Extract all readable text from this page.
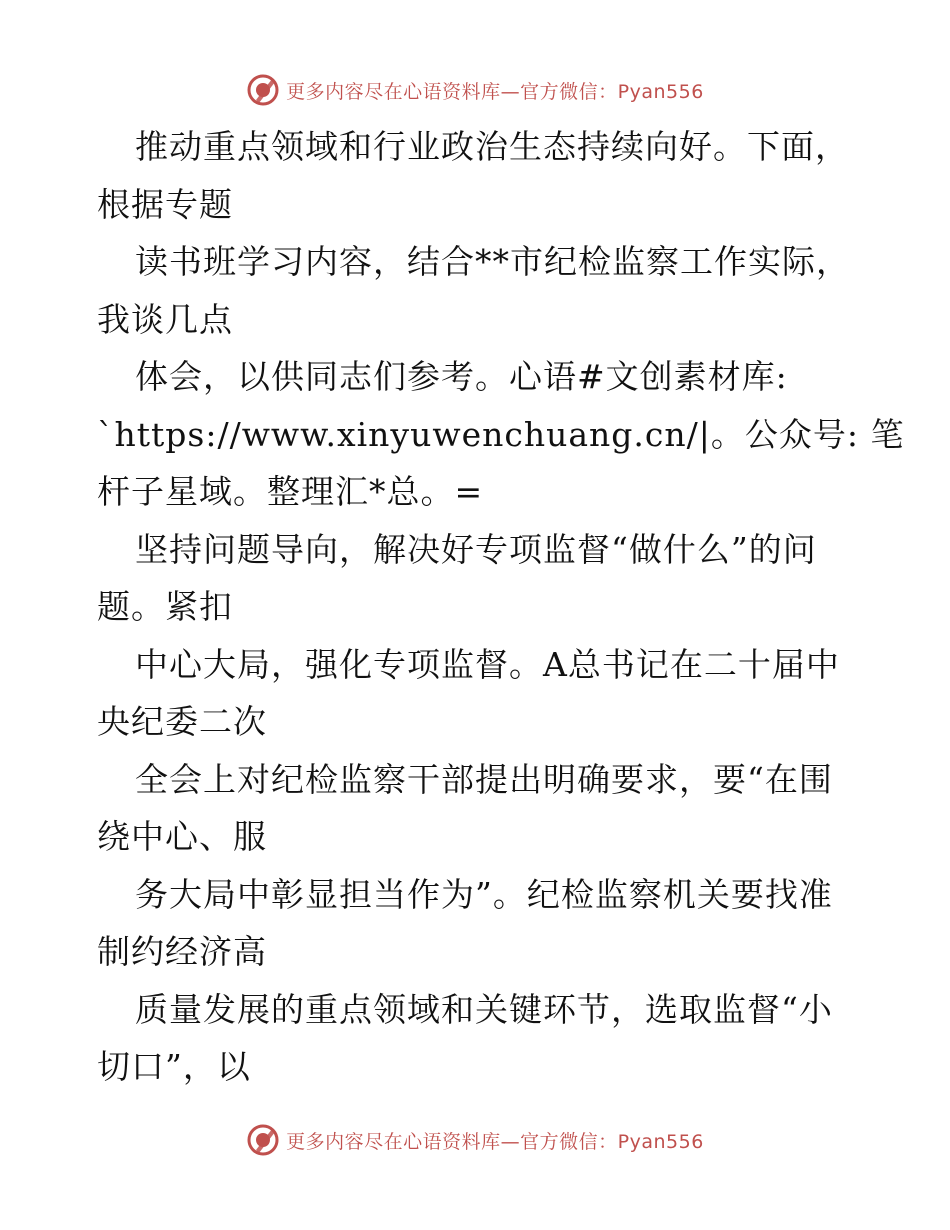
更多内容尽在心语资料库—官方微信：Pyan556
推动重点领域和行业政治生态持续向好。下面，
根据专题
读书班学习内容，结合**市纪检监察工作实际，
我谈几点
体会，以供同志们参考。心语#文创素材库:
`https://www.xinyuwenchuang.cn/|。公众号: 笔
杆子星域。整理汇*总。=
坚持问题导向，解决好专项监督“做什么”的问
题。紧扣
中心大局，强化专项监督。A总书记在二十届中
央纪委二次
全会上对纪检监察干部提出明确要求，要“在围
绕中心、服
务大局中彰显担当作为”。纪检监察机关要找准
制约经济高
质量发展的重点领域和关键环节，选取监督“小
切口”，以
更多内容尽在心语资料库—官方微信：Pyan556
